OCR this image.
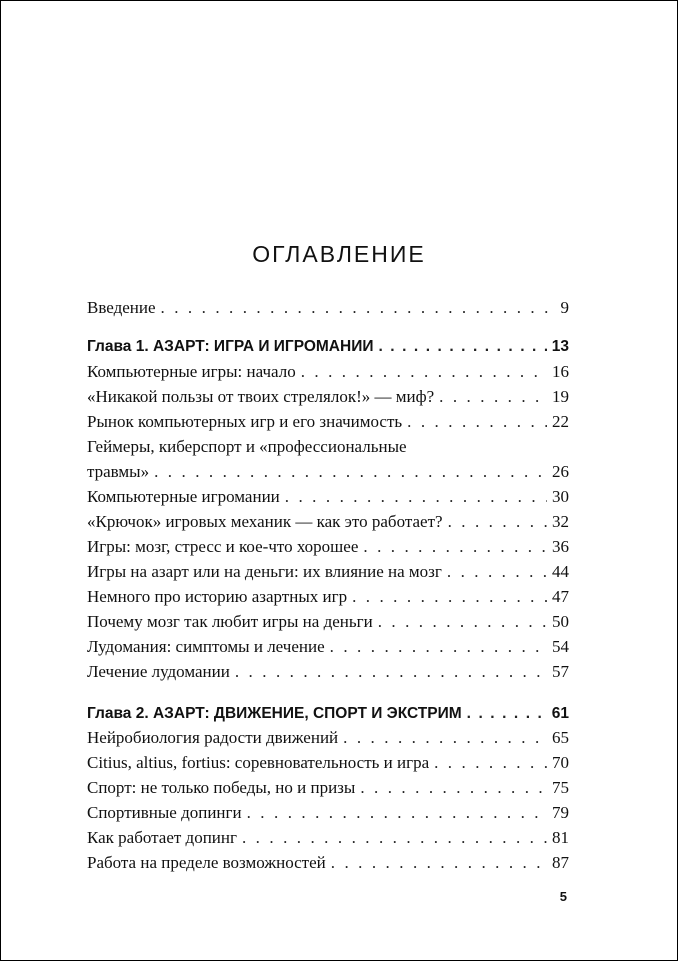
ОГЛАВЛЕНИЕ
Введение . . .	9
Глава 1. АЗАРТ: ИГРА И ИГРОМАНИИ . . .	13
Компьютерные игры: начало . . .	16
«Никакой пользы от твоих стрелялок!» — миф? . . .	19
Рынок компьютерных игр и его значимость . . .	22
Геймеры, киберспорт и «профессиональные
травмы» . . .	26
Компьютерные игромании . . .	30
«Крючок» игровых механик — как это работает? . . .	32
Игры: мозг, стресс и кое-что хорошее . . .	36
Игры на азарт или на деньги: их влияние на мозг . . .	44
Немного про историю азартных игр . . .	47
Почему мозг так любит игры на деньги . . .	50
Лудомания: симптомы и лечение . . .	54
Лечение лудомании . . .	57
Глава 2. АЗАРТ: ДВИЖЕНИЕ, СПОРТ И ЭКСТРИМ . . .	61
Нейробиология радости движений . . .	65
Citius, altius, fortius: соревновательность и игра . . .	70
Спорт: не только победы, но и призы . . .	75
Спортивные допинги . . .	79
Как работает допинг . . .	81
Работа на пределе возможностей . . .	87
5
